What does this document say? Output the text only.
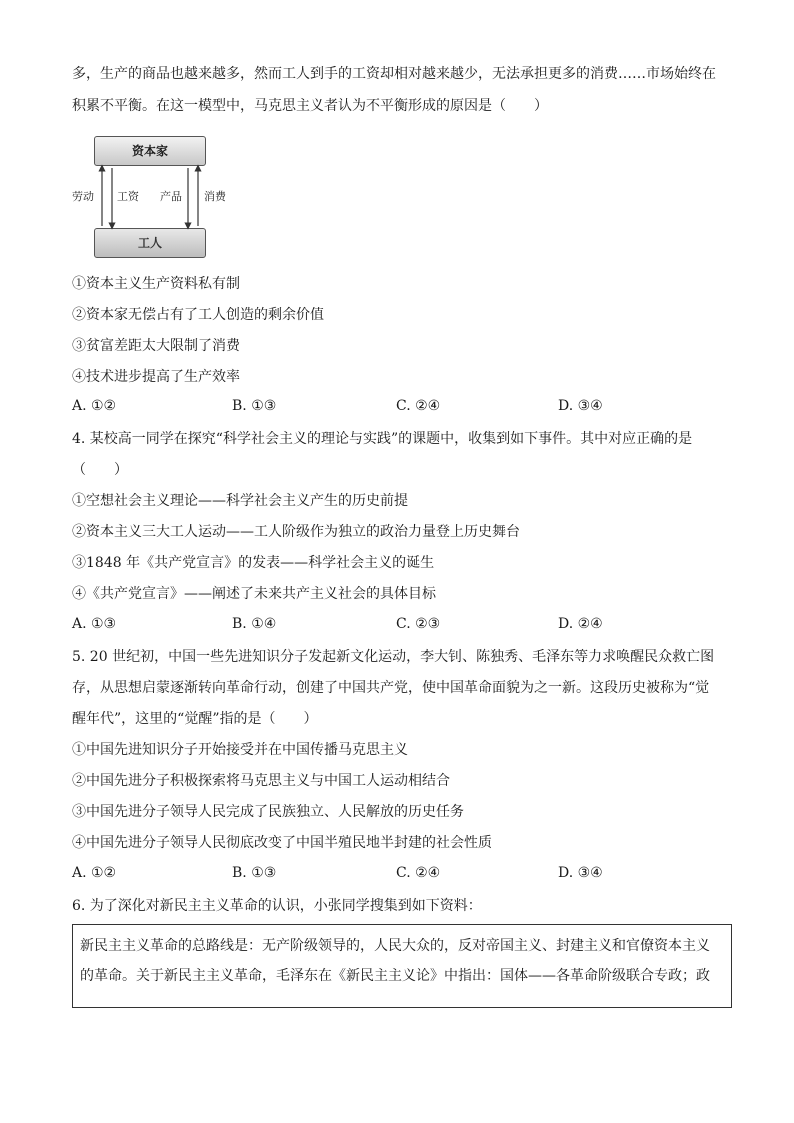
多，生产的商品也越来越多，然而工人到手的工资却相对越来越少，无法承担更多的消费……市场始终在
积累不平衡。在这一模型中，马克思主义者认为不平衡形成的原因是（　　）
资本家
工人
劳动 工资 产品 消费
①资本主义生产资料私有制
②资本家无偿占有了工人创造的剩余价值
③贫富差距太大限制了消费
④技术进步提高了生产效率
A. ①②	B. ①③	C. ②④	D. ③④
4. 某校高一同学在探究“科学社会主义的理论与实践”的课题中，收集到如下事件。其中对应正确的是
（　　）
①空想社会主义理论——科学社会主义产生的历史前提
②资本主义三大工人运动——工人阶级作为独立的政治力量登上历史舞台
③1848 年《共产党宣言》的发表——科学社会主义的诞生
④《共产党宣言》——阐述了未来共产主义社会的具体目标
A. ①③	B. ①④	C. ②③	D. ②④
5. 20 世纪初，中国一些先进知识分子发起新文化运动，李大钊、陈独秀、毛泽东等力求唤醒民众救亡图
存，从思想启蒙逐渐转向革命行动，创建了中国共产党，使中国革命面貌为之一新。这段历史被称为“觉
醒年代”，这里的“觉醒”指的是（　　）
①中国先进知识分子开始接受并在中国传播马克思主义
②中国先进分子积极探索将马克思主义与中国工人运动相结合
③中国先进分子领导人民完成了民族独立、人民解放的历史任务
④中国先进分子领导人民彻底改变了中国半殖民地半封建的社会性质
A. ①②	B. ①③	C. ②④	D. ③④
6. 为了深化对新民主主义革命的认识，小张同学搜集到如下资料：
新民主主义革命的总路线是：无产阶级领导的，人民大众的，反对帝国主义、封建主义和官僚资本主义
的革命。关于新民主主义革命，毛泽东在《新民主主义论》中指出：国体——各革命阶级联合专政；政
